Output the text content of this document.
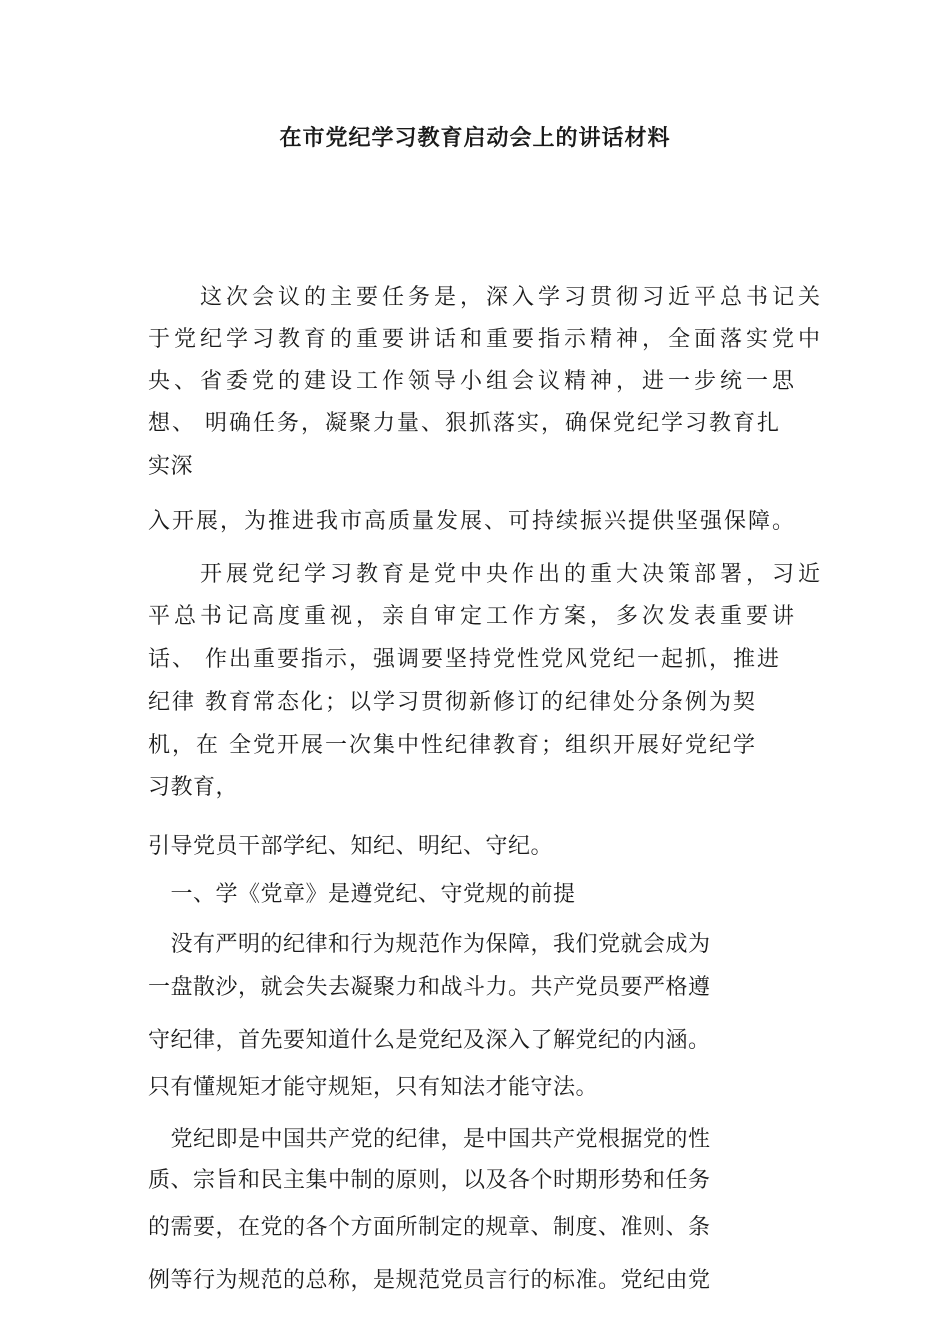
在市党纪学习教育启动会上的讲话材料
　　这次会议的主要任务是，深入学习贯彻习近平总书记关
于党纪学习教育的重要讲话和重要指示精神，全面落实党中
央、省委党的建设工作领导小组会议精神，进一步统一思
想、 明确任务，凝聚力量、狠抓落实，确保党纪学习教育扎
实深
入开展，为推进我市高质量发展、可持续振兴提供坚强保障。
　　开展党纪学习教育是党中央作出的重大决策部署，习近
平总书记高度重视，亲自审定工作方案，多次发表重要讲
话、 作出重要指示，强调要坚持党性党风党纪一起抓，推进
纪律 教育常态化；以学习贯彻新修订的纪律处分条例为契
机，在 全党开展一次集中性纪律教育；组织开展好党纪学
习教育，
引导党员干部学纪、知纪、明纪、守纪。
　一、学《党章》是遵党纪、守党规的前提
　没有严明的纪律和行为规范作为保障，我们党就会成为
一盘散沙，就会失去凝聚力和战斗力。共产党员要严格遵
守纪律，首先要知道什么是党纪及深入了解党纪的内涵。
只有懂规矩才能守规矩，只有知法才能守法。
　党纪即是中国共产党的纪律，是中国共产党根据党的性
质、宗旨和民主集中制的原则，以及各个时期形势和任务
的需要，在党的各个方面所制定的规章、制度、准则、条
例等行为规范的总称，是规范党员言行的标准。党纪由党
